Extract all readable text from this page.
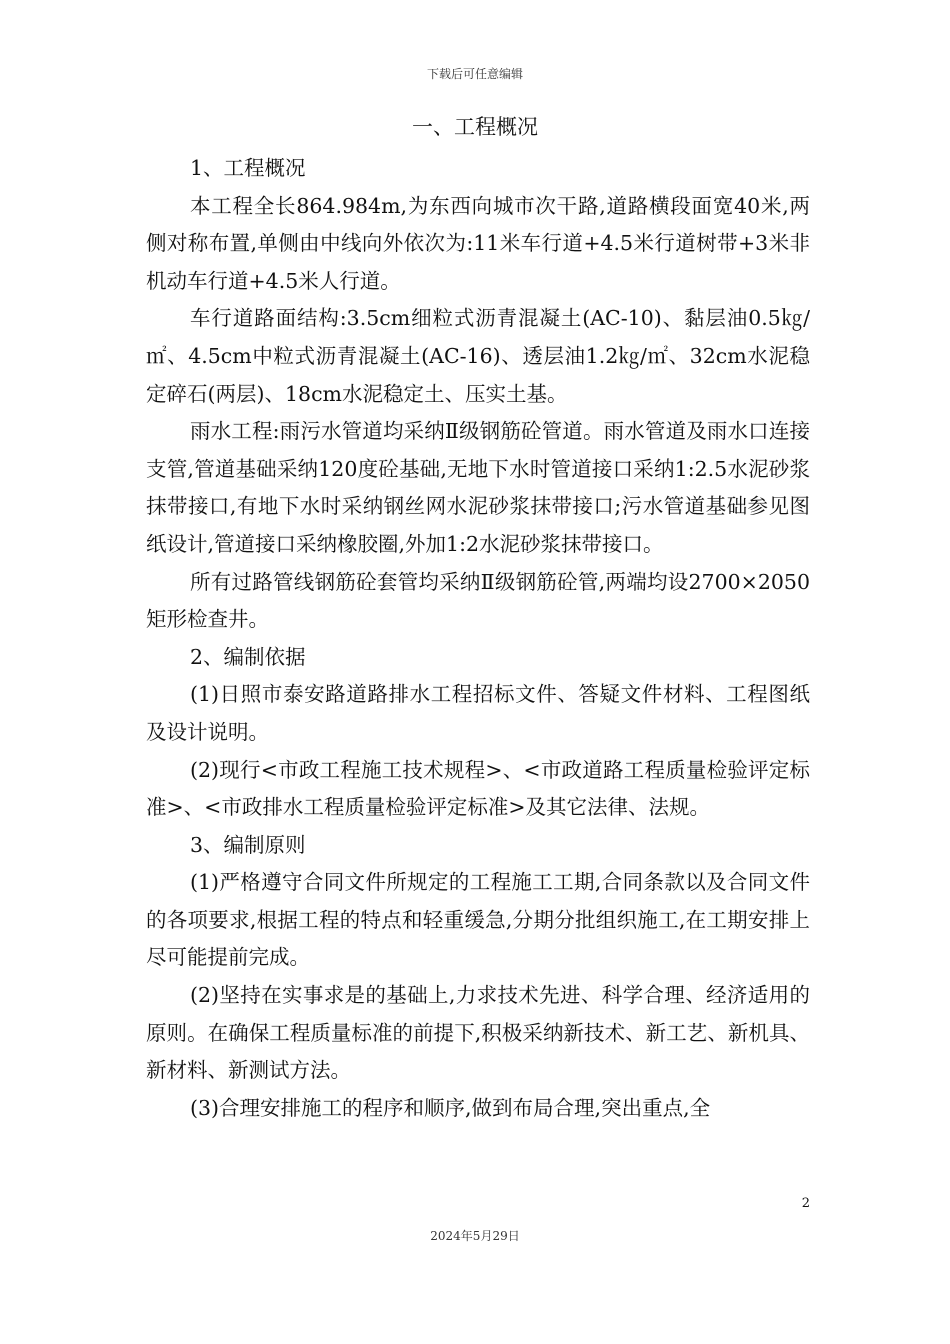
下载后可任意编辑
一、工程概况

1、工程概况

本工程全长864.984m,为东西向城市次干路,道路横段面宽40米,两侧对称布置,单侧由中线向外依次为:11米车行道+4.5米行道树带+3米非机动车行道+4.5米人行道。

车行道路面结构:3.5cm细粒式沥青混凝土(AC-10)、黏层油0.5㎏/㎡、4.5cm中粒式沥青混凝土(AC-16)、透层油1.2㎏/㎡、32cm水泥稳定碎石(两层)、18cm水泥稳定土、压实土基。

雨水工程:雨污水管道均采纳Ⅱ级钢筋砼管道。雨水管道及雨水口连接支管,管道基础采纳120度砼基础,无地下水时管道接口采纳1:2.5水泥砂浆抹带接口,有地下水时采纳钢丝网水泥砂浆抹带接口;污水管道基础参见图纸设计,管道接口采纳橡胶圈,外加1:2水泥砂浆抹带接口。

所有过路管线钢筋砼套管均采纳Ⅱ级钢筋砼管,两端均设2700×2050矩形检查井。

2、编制依据

(1)日照市泰安路道路排水工程招标文件、答疑文件材料、工程图纸及设计说明。

(2)现行<市政工程施工技术规程>、<市政道路工程质量检验评定标准>、<市政排水工程质量检验评定标准>及其它法律、法规。

3、编制原则

(1)严格遵守合同文件所规定的工程施工工期,合同条款以及合同文件的各项要求,根据工程的特点和轻重缓急,分期分批组织施工,在工期安排上尽可能提前完成。

(2)坚持在实事求是的基础上,力求技术先进、科学合理、经济适用的原则。在确保工程质量标准的前提下,积极采纳新技术、新工艺、新机具、新材料、新测试方法。

(3)合理安排施工的程序和顺序,做到布局合理,突出重点,全

2
2024年5月29日
